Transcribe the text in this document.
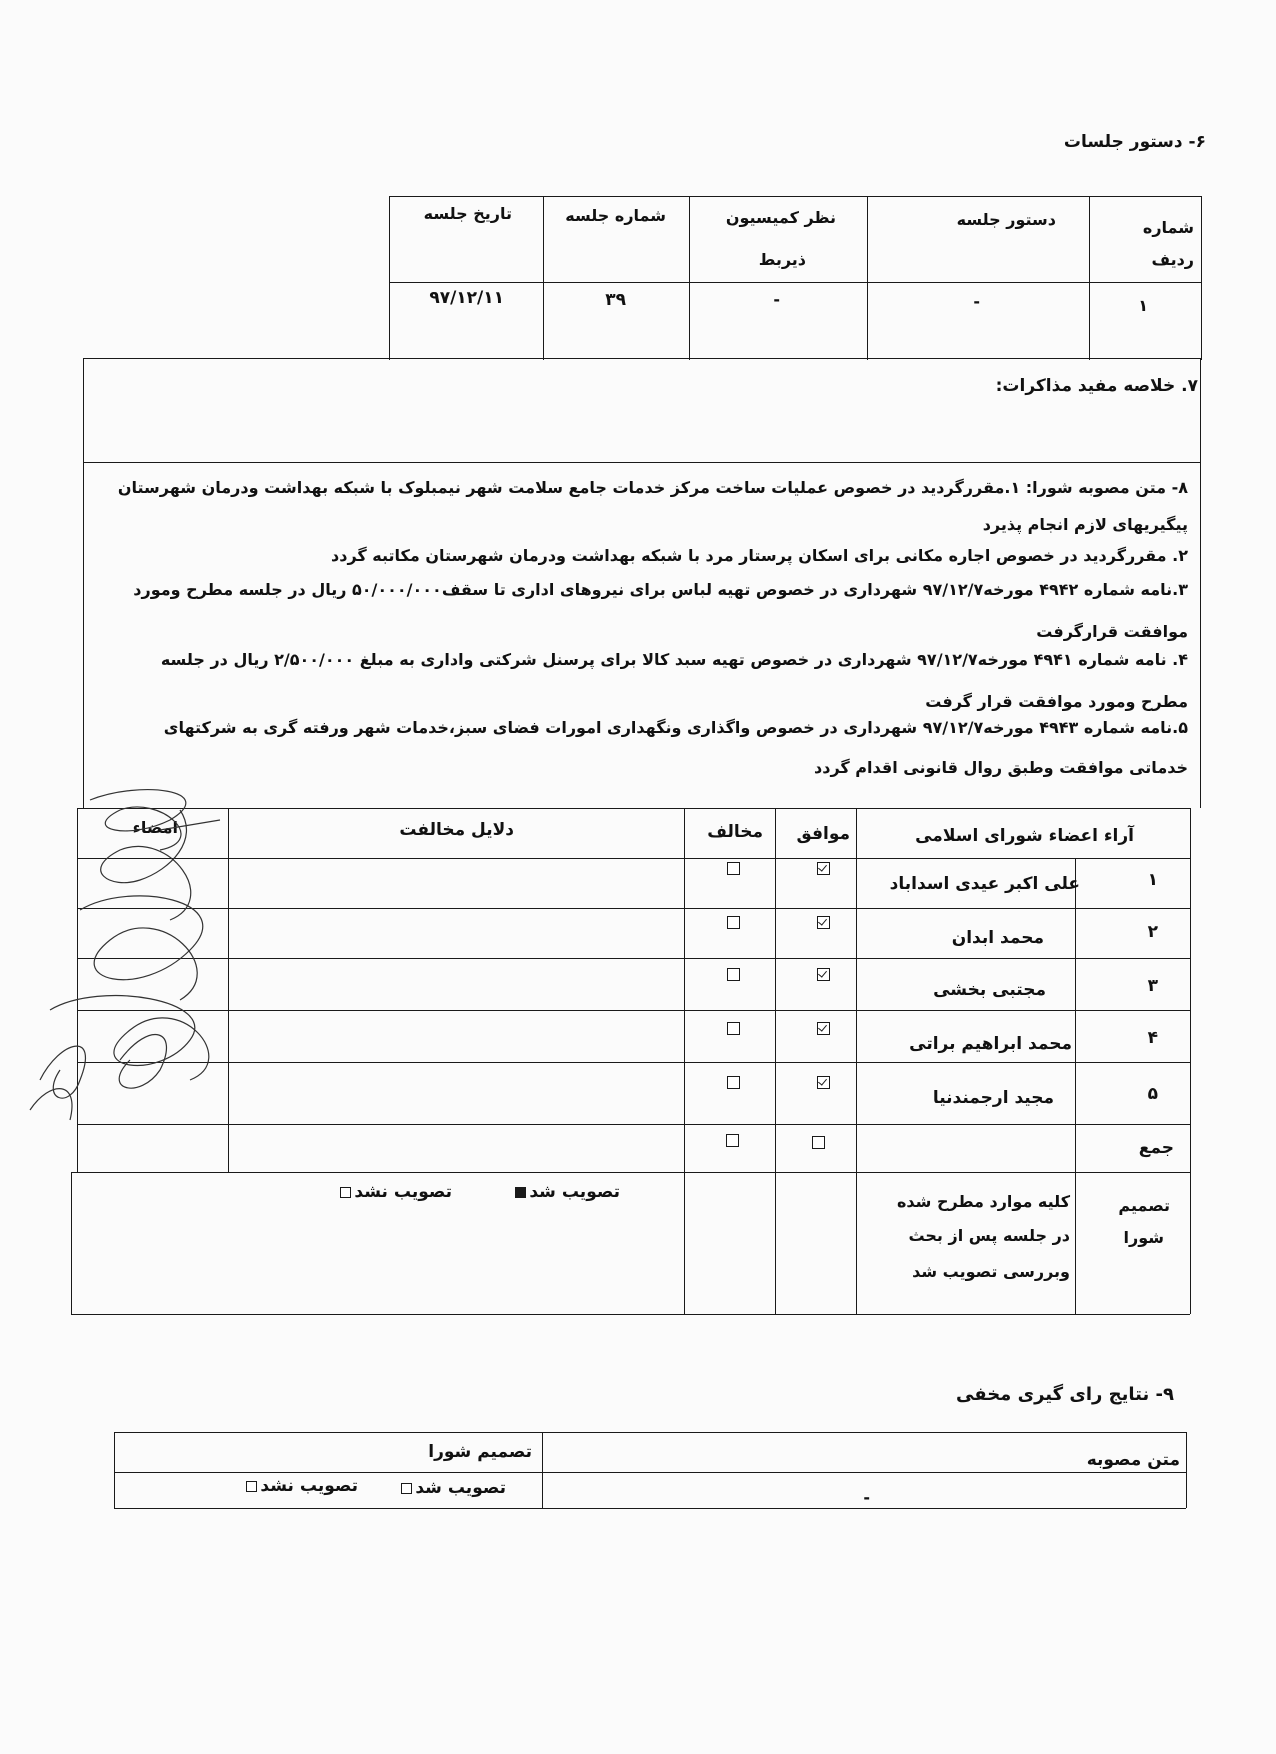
۶- دستور جلسات
شماره ردیف
دستور جلسه
نظر کمیسیون
ذیربط
شماره جلسه
تاریخ جلسه
۱
-
-
۳۹
۹۷/۱۲/۱۱
۷. خلاصه مفید مذاکرات:
۸- متن مصوبه شورا: ۱.مقررگردید در خصوص عملیات ساخت مرکز خدمات جامع سلامت شهر نیمبلوک با شبکه بهداشت ودرمان شهرستان
پیگیریهای لازم انجام پذیرد
۲. مقررگردید در خصوص اجاره مکانی برای اسکان پرستار مرد با شبکه بهداشت ودرمان شهرستان مکاتبه گردد
۳.نامه شماره ۴۹۴۲ مورخه۹۷/۱۲/۷ شهرداری در خصوص تهیه لباس برای نیروهای اداری تا سقف۵۰/۰۰۰/۰۰۰ ریال در جلسه مطرح ومورد
موافقت قرارگرفت
۴. نامه شماره ۴۹۴۱ مورخه۹۷/۱۲/۷ شهرداری در خصوص تهیه سبد کالا برای پرسنل شرکتی واداری به مبلغ ۲/۵۰۰/۰۰۰ ریال در جلسه
مطرح ومورد موافقت قرار گرفت
۵.نامه شماره ۴۹۴۳ مورخه۹۷/۱۲/۷ شهرداری در خصوص واگذاری ونگهداری امورات فضای سبز،خدمات شهر ورفته گری به شرکتهای
خدماتی موافقت وطبق روال قانونی اقدام گردد
آراء اعضاء شورای اسلامی
موافق
مخالف
دلایل مخالفت
امضاء
۱
علی اکبر عیدی اسداباد
۲
محمد ابدان
۳
مجتبی بخشی
۴
محمد ابراهیم براتی
۵
مجید ارجمندنیا
جمع
تصمیم
شورا
کلیه موارد مطرح شده
در جلسه پس از بحث
وبررسی تصویب شد
تصویب شد
تصویب نشد
۹- نتایج رای گیری مخفی
متن مصوبه
تصمیم شورا
-
تصویب شد
تصویب نشد
